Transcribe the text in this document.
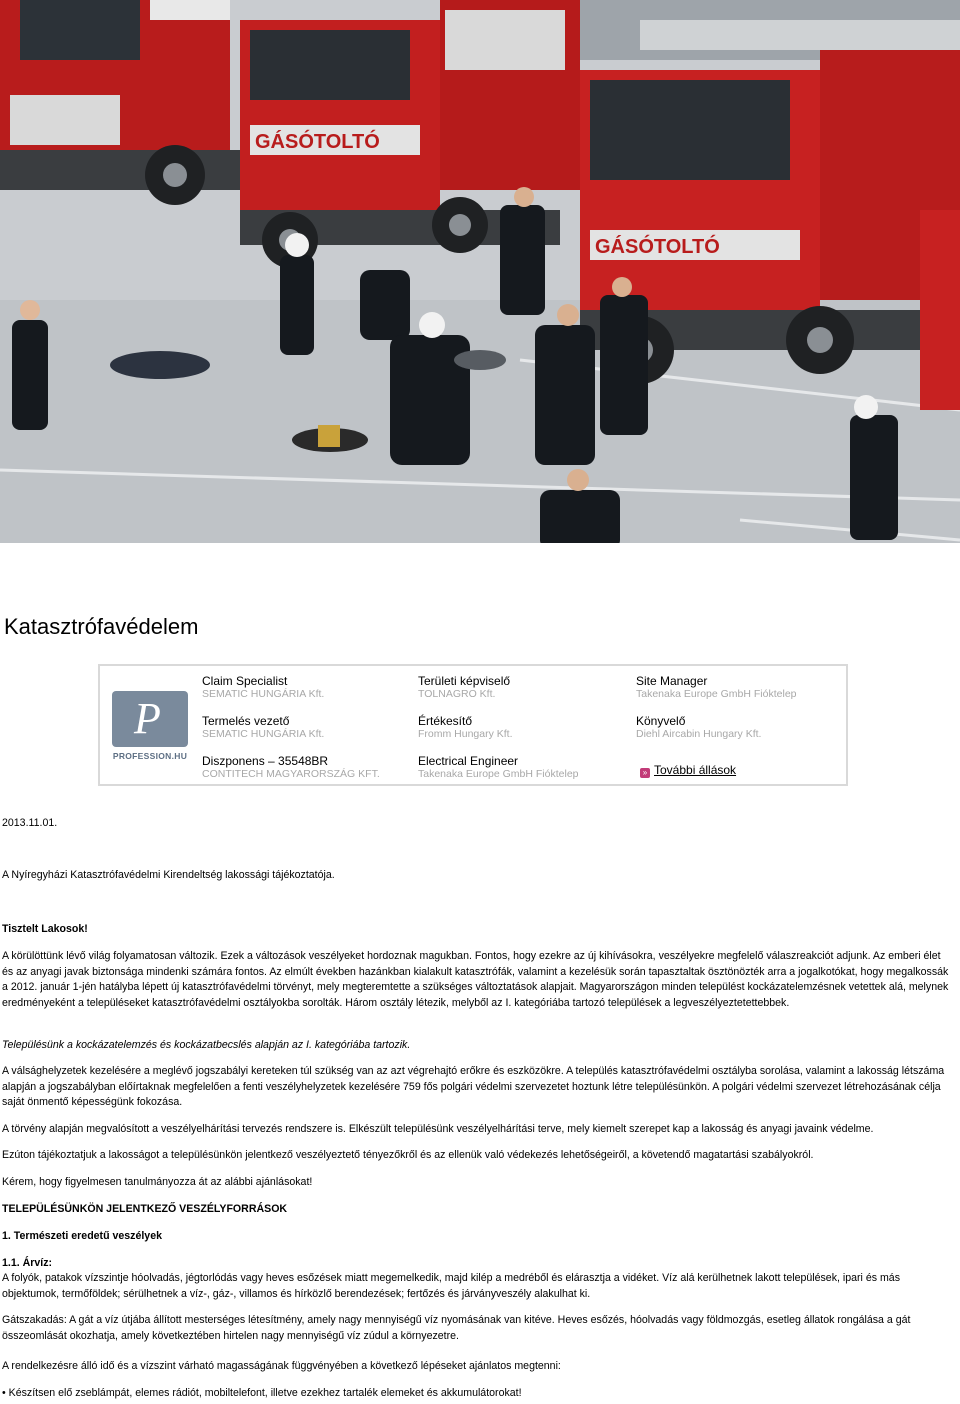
GÁSÓTOLTÓ
GÁSÓTOLTÓ
Katasztrófavédelem
P
PROFESSION.HU
Claim Specialist
SEMATIC HUNGÁRIA Kft.
Területi képviselő
TOLNAGRO Kft.
Site Manager
Takenaka Europe GmbH Fióktelep
Termelés vezető
SEMATIC HUNGÁRIA Kft.
Értékesítő
Fromm Hungary Kft.
Könyvelő
Diehl Aircabin Hungary Kft.
Diszponens – 35548BR
CONTITECH MAGYARORSZÁG KFT.
Electrical Engineer
Takenaka Europe GmbH Fióktelep	» További állások

2013.11.01.

A Nyíregyházi Katasztrófavédelmi Kirendeltség lakossági tájékoztatója.

Tisztelt Lakosok!

A körülöttünk lévő világ folyamatosan változik. Ezek a változások veszélyeket hordoznak magukban. Fontos, hogy ezekre az új kihívásokra, veszélyekre megfelelő válaszreakciót adjunk. Az emberi élet és az anyagi javak biztonsága mindenki számára fontos. Az elmúlt években hazánkban kialakult katasztrófák, valamint a kezelésük során tapasztaltak ösztönözték arra a jogalkotókat, hogy megalkossák a 2012. január 1-jén hatályba lépett új katasztrófavédelmi törvényt, mely megteremtette a szükséges változtatások alapjait. Magyarországon minden települést kockázatelemzésnek vetettek alá, melynek eredményeként a településeket katasztrófavédelmi osztályokba sorolták. Három osztály létezik, melyből az I. kategóriába tartozó települések a legveszélyeztetettebbek.

Településünk a kockázatelemzés és kockázatbecslés alapján az I. kategóriába tartozik.

A válsághelyzetek kezelésére a meglévő jogszabályi kereteken túl szükség van az azt végrehajtó erőkre és eszközökre. A település katasztrófavédelmi osztályba sorolása, valamint a lakosság létszáma alapján a jogszabályban előírtaknak megfelelően a fenti veszélyhelyzetek kezelésére 759 fős polgári védelmi szervezetet hoztunk létre településünkön. A polgári védelmi szervezet létrehozásának célja saját önmentő képességünk fokozása.

A törvény alapján megvalósított a veszélyelhárítási tervezés rendszere is. Elkészült településünk veszélyelhárítási terve, mely kiemelt szerepet kap a lakosság és anyagi javaink védelme.

Ezúton tájékoztatjuk a lakosságot a településünkön jelentkező veszélyeztető tényezőkről és az ellenük való védekezés lehetőségeiről, a követendő magatartási szabályokról.

Kérem, hogy figyelmesen tanulmányozza át az alábbi ajánlásokat!

TELEPÜLÉSÜNKÖN JELENTKEZŐ VESZÉLYFORRÁSOK

1. Természeti eredetű veszélyek

1.1. Árvíz:

A folyók, patakok vízszintje hóolvadás, jégtorlódás vagy heves esőzések miatt megemelkedik, majd kilép a medréből és elárasztja a vidéket. Víz alá kerülhetnek lakott települések, ipari és más objektumok, termőföldek; sérülhetnek a víz-, gáz-, villamos és hírközlő berendezések; fertőzés és járványveszély alakulhat ki.

Gátszakadás: A gát a víz útjába állított mesterséges létesítmény, amely nagy mennyiségű víz nyomásának van kitéve. Heves esőzés, hóolvadás vagy földmozgás, esetleg állatok rongálása a gát összeomlását okozhatja, amely következtében hirtelen nagy mennyiségű víz zúdul a környezetre.

A rendelkezésre álló idő és a vízszint várható magasságának függvényében a következő lépéseket ajánlatos megtenni:

• Készítsen elő zseblámpát, elemes rádiót, mobiltelefont, illetve ezekhez tartalék elemeket és akkumulátorokat!
